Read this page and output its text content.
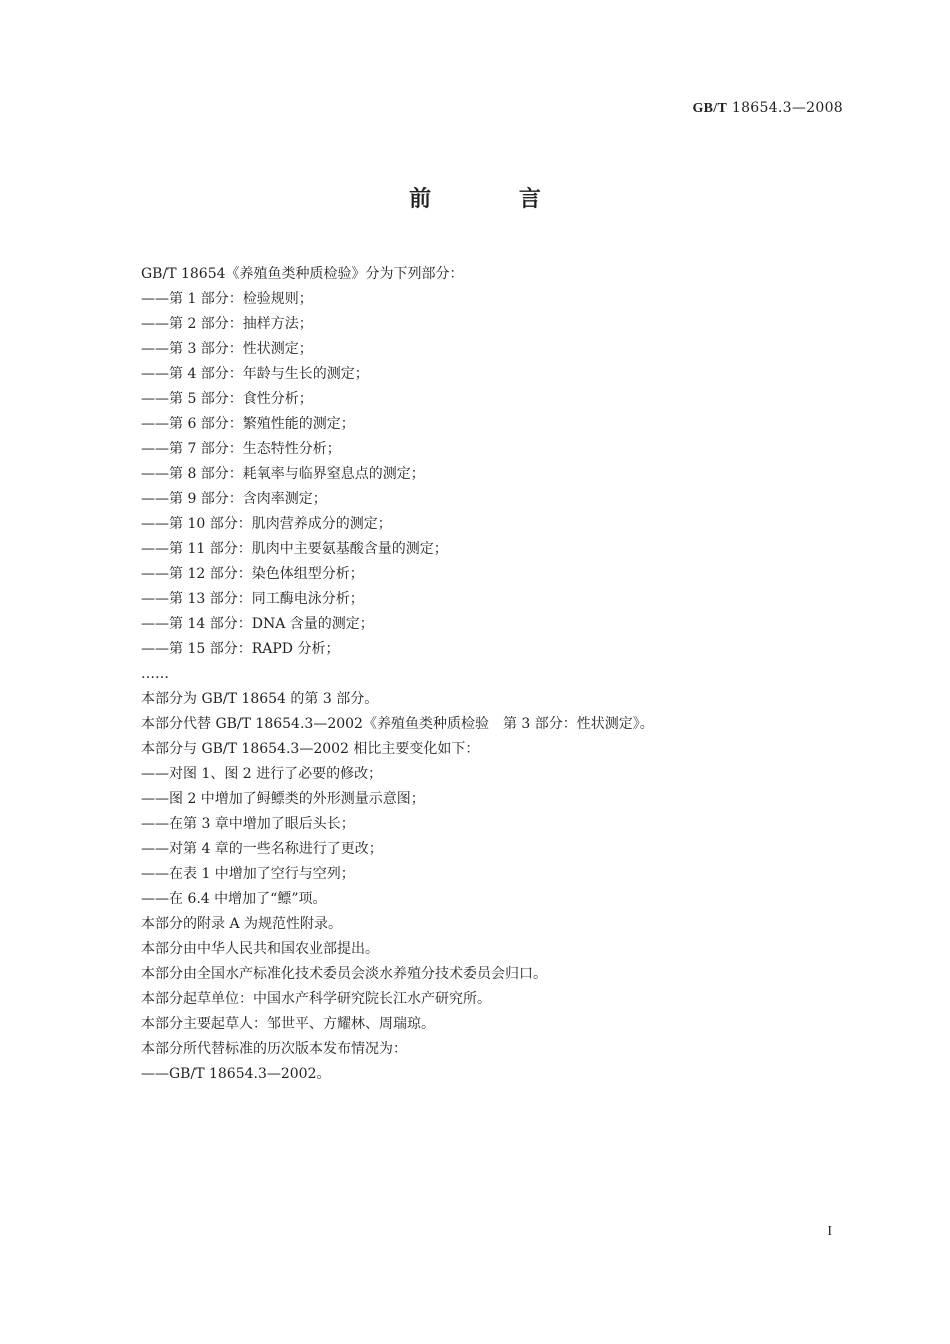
GB/T 18654.3—2008
前 言
GB/T 18654《养殖鱼类种质检验》分为下列部分：
——第 1 部分：检验规则；
——第 2 部分：抽样方法；
——第 3 部分：性状测定；
——第 4 部分：年龄与生长的测定；
——第 5 部分：食性分析；
——第 6 部分：繁殖性能的测定；
——第 7 部分：生态特性分析；
——第 8 部分：耗氧率与临界窒息点的测定；
——第 9 部分：含肉率测定；
——第 10 部分：肌肉营养成分的测定；
——第 11 部分：肌肉中主要氨基酸含量的测定；
——第 12 部分：染色体组型分析；
——第 13 部分：同工酶电泳分析；
——第 14 部分：DNA 含量的测定；
——第 15 部分：RAPD 分析；
……
本部分为 GB/T 18654 的第 3 部分。
本部分代替 GB/T 18654.3—2002《养殖鱼类种质检验　第 3 部分：性状测定》。
本部分与 GB/T 18654.3—2002 相比主要变化如下：
——对图 1、图 2 进行了必要的修改；
——图 2 中增加了鲟鳔类的外形测量示意图；
——在第 3 章中增加了眼后头长；
——对第 4 章的一些名称进行了更改；
——在表 1 中增加了空行与空列；
——在 6.4 中增加了“鳔”项。
本部分的附录 A 为规范性附录。
本部分由中华人民共和国农业部提出。
本部分由全国水产标准化技术委员会淡水养殖分技术委员会归口。
本部分起草单位：中国水产科学研究院长江水产研究所。
本部分主要起草人：邹世平、方耀林、周瑞琼。
本部分所代替标准的历次版本发布情况为：
——GB/T 18654.3—2002。
I
